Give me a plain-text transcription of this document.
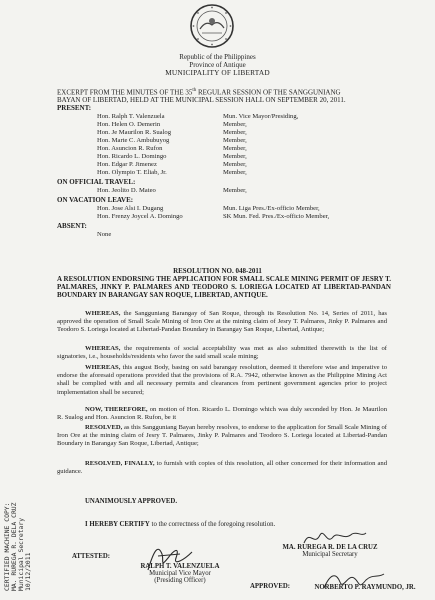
Republic of the Philippines
Province of Antique
MUNICIPALITY OF LIBERTAD
EXCERPT FROM THE MINUTES OF THE 35th REGULAR SESSION OF THE SANGGUNIANG
BAYAN OF LIBERTAD, HELD AT THE MUNICIPAL SESSION HALL ON SEPTEMBER 20, 2011.
PRESENT:
Hon. Ralph T. Valenzuela	Mun. Vice Mayor/Presiding,
Hon. Helen O. Demerin	Member,
Hon. Je Maurilon R. Sualog	Member,
Hon. Marte C. Ambubuyog	Member,
Hon. Asuncion R. Rufon	Member,
Hon. Ricardo L. Domingo	Member,
Hon. Edgar P. Jimenez	Member,
Hon. Olympio T. Eliab, Jr.	Member,
ON OFFICIAL TRAVEL:
Hon. Jeolito D. Mateo	Member,
ON VACATION LEAVE:
Hon. Jose Alsi I. Dugang	Mun. Liga Pres./Ex-officio Member,
Hon. Frenzy Joycel A. Domingo	SK Mun. Fed. Pres./Ex-officio Member,
ABSENT:
None
RESOLUTION NO. 048-2011
A RESOLUTION ENDORSING THE APPLICATION FOR SMALL SCALE MINING PERMIT OF JESRY T. PALMARES, JINKY P. PALMARES AND TEODORO S. LORIEGA LOCATED AT LIBERTAD-PANDAN BOUNDARY IN BARANGAY SAN ROQUE, LIBERTAD, ANTIQUE.

WHEREAS, the Sangguniang Barangay of San Roque, through its Resolution No. 14, Series of 2011, has approved the operation of Small Scale Mining of Iron Ore at the mining claim of Jesry T. Palmares, Jinky P. Palmares and Teodoro S. Loriega located at Libertad-Pandan Boundary in Barangay San Roque, Libertad, Antique;

WHEREAS, the requirements of social acceptability was met as also submitted therewith is the list of signatories, i.e., households/residents who favor the said small scale mining;

WHEREAS, this august Body, basing on said barangay resolution, deemed it therefore wise and imperative to endorse the aforesaid operations provided that the provisions of R.A. 7942, otherwise known as the Philippine Mining Act shall be complied with and all necessary permits and clearances from pertinent government agencies prior to project implementation shall be secured;

NOW, THEREFORE, on motion of Hon. Ricardo L. Domingo which was duly seconded by Hon. Je Maurilon R. Sualog and Hon. Asuncion R. Rufon, be it

RESOLVED, as this Sangguniang Bayan hereby resolves, to endorse to the application for Small Scale Mining of Iron Ore at the mining claim of Jesry T. Palmares, Jinky P. Palmares and Teodoro S. Loriega located at Libertad-Pandan Boundary in Barangay San Roque, Libertad, Antique;

RESOLVED, FINALLY, to furnish with copies of this resolution, all other concerned for their information and guidance.

UNANIMOUSLY APPROVED.
I HEREBY CERTIFY to the correctness of the foregoing resolution.
MA. RUREGA R. DE LA CRUZ
Municipal Secretary
ATTESTED:
RALPH T. VALENZUELA
Municipal Vice Mayor
(Presiding Officer)
APPROVED:	NORBERTO P. RAYMUNDO, JR.
CERTIFIED MACHINE COPY: MA. RUREGA R. DELA CRUZ Municipal Secretary 10/12/2011
